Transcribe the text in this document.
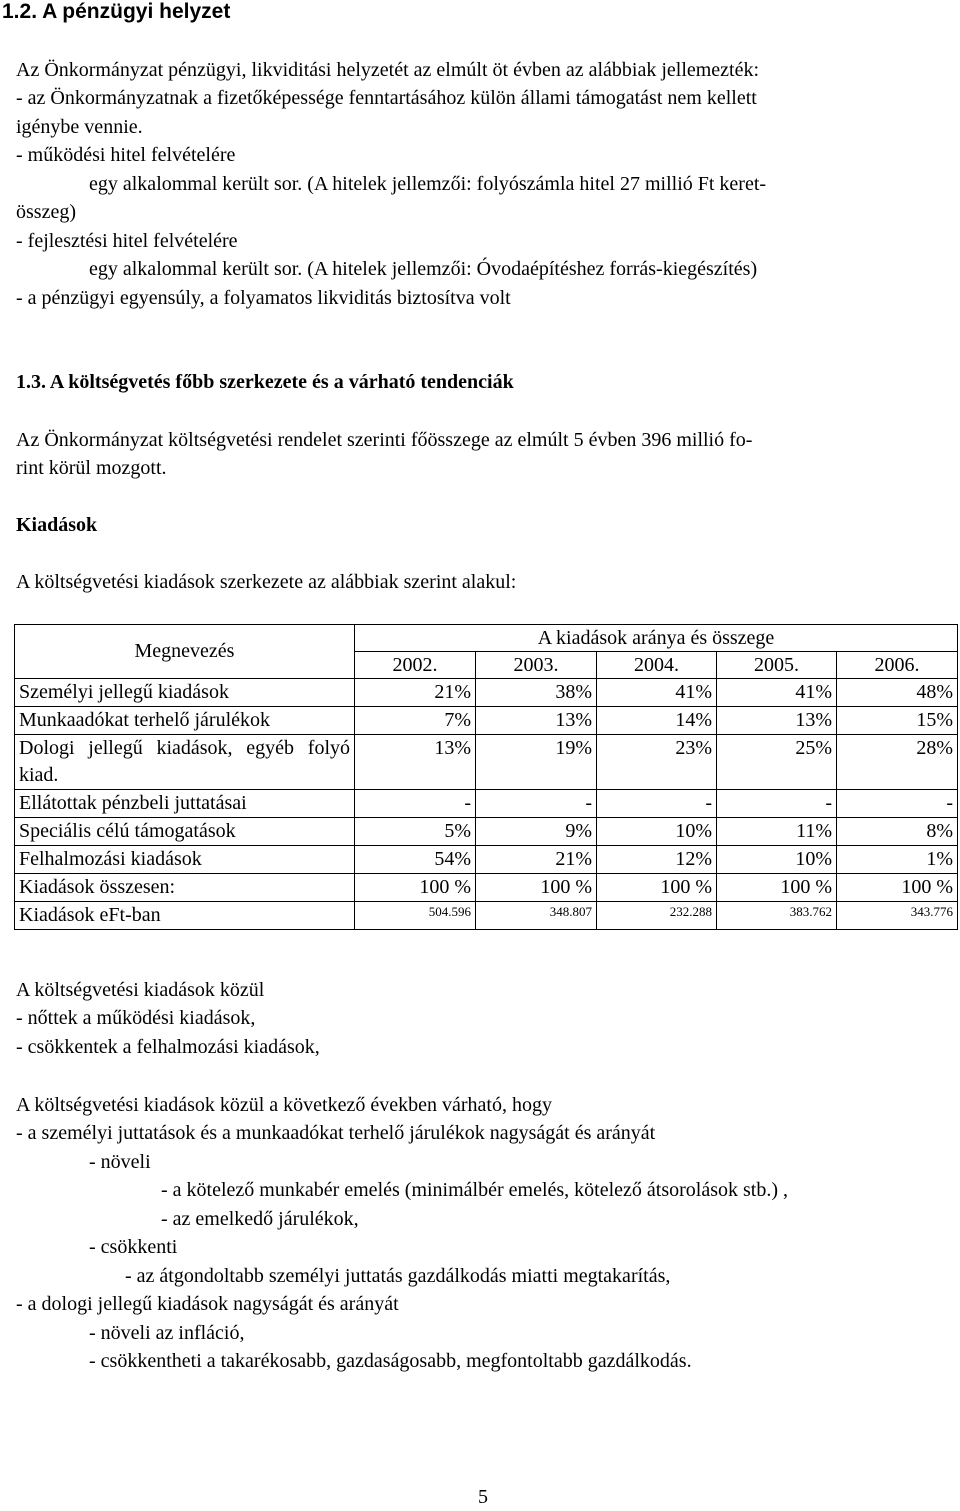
1.2. A pénzügyi helyzet
Az Önkormányzat pénzügyi, likviditási helyzetét az elmúlt öt évben az alábbiak jellemezték:
- az Önkormányzatnak a fizetőképessége fenntartásához külön állami támogatást nem kellett
igénybe vennie.
- működési hitel felvételére
egy alkalommal került sor. (A hitelek jellemzői: folyószámla hitel 27 millió Ft keret-
összeg)
- fejlesztési hitel felvételére
egy alkalommal került sor. (A hitelek jellemzői: Óvodaépítéshez forrás-kiegészítés)
- a pénzügyi egyensúly, a folyamatos likviditás biztosítva volt
1.3. A költségvetés főbb szerkezete és a várható tendenciák
Az Önkormányzat költségvetési rendelet szerinti főösszege az elmúlt 5 évben 396 millió fo-
rint körül mozgott.
Kiadások
A költségvetési kiadások szerkezete az alábbiak szerint alakul:
Megnevezés	A kiadások aránya és összege				
	2002.	2003.	2004.	2005.	2006.
Személyi jellegű kiadások	21%	38%	41%	41%	48%
Munkaadókat terhelő járulékok	7%	13%	14%	13%	15%
Dologi jellegű kiadások, egyéb folyó kiad.	13%	19%	23%	25%	28%
Ellátottak pénzbeli juttatásai	-	-	-	-	-
Speciális célú támogatások	5%	9%	10%	11%	8%
Felhalmozási kiadások	54%	21%	12%	10%	1%
Kiadások összesen:	100 %	100 %	100 %	100 %	100 %
Kiadások eFt-ban	504.596	348.807	232.288	383.762	343.776
A költségvetési kiadások közül
- nőttek a működési kiadások,
- csökkentek a felhalmozási kiadások,
A költségvetési kiadások közül a következő években várható, hogy
- a személyi juttatások és a munkaadókat terhelő járulékok nagyságát és arányát
- növeli
- a kötelező munkabér emelés (minimálbér emelés, kötelező átsorolások stb.) ,
- az emelkedő járulékok,
- csökkenti
- az átgondoltabb személyi juttatás gazdálkodás miatti megtakarítás,
- a dologi jellegű kiadások nagyságát és arányát
- növeli az infláció,
- csökkentheti a takarékosabb, gazdaságosabb, megfontoltabb gazdálkodás.
5
